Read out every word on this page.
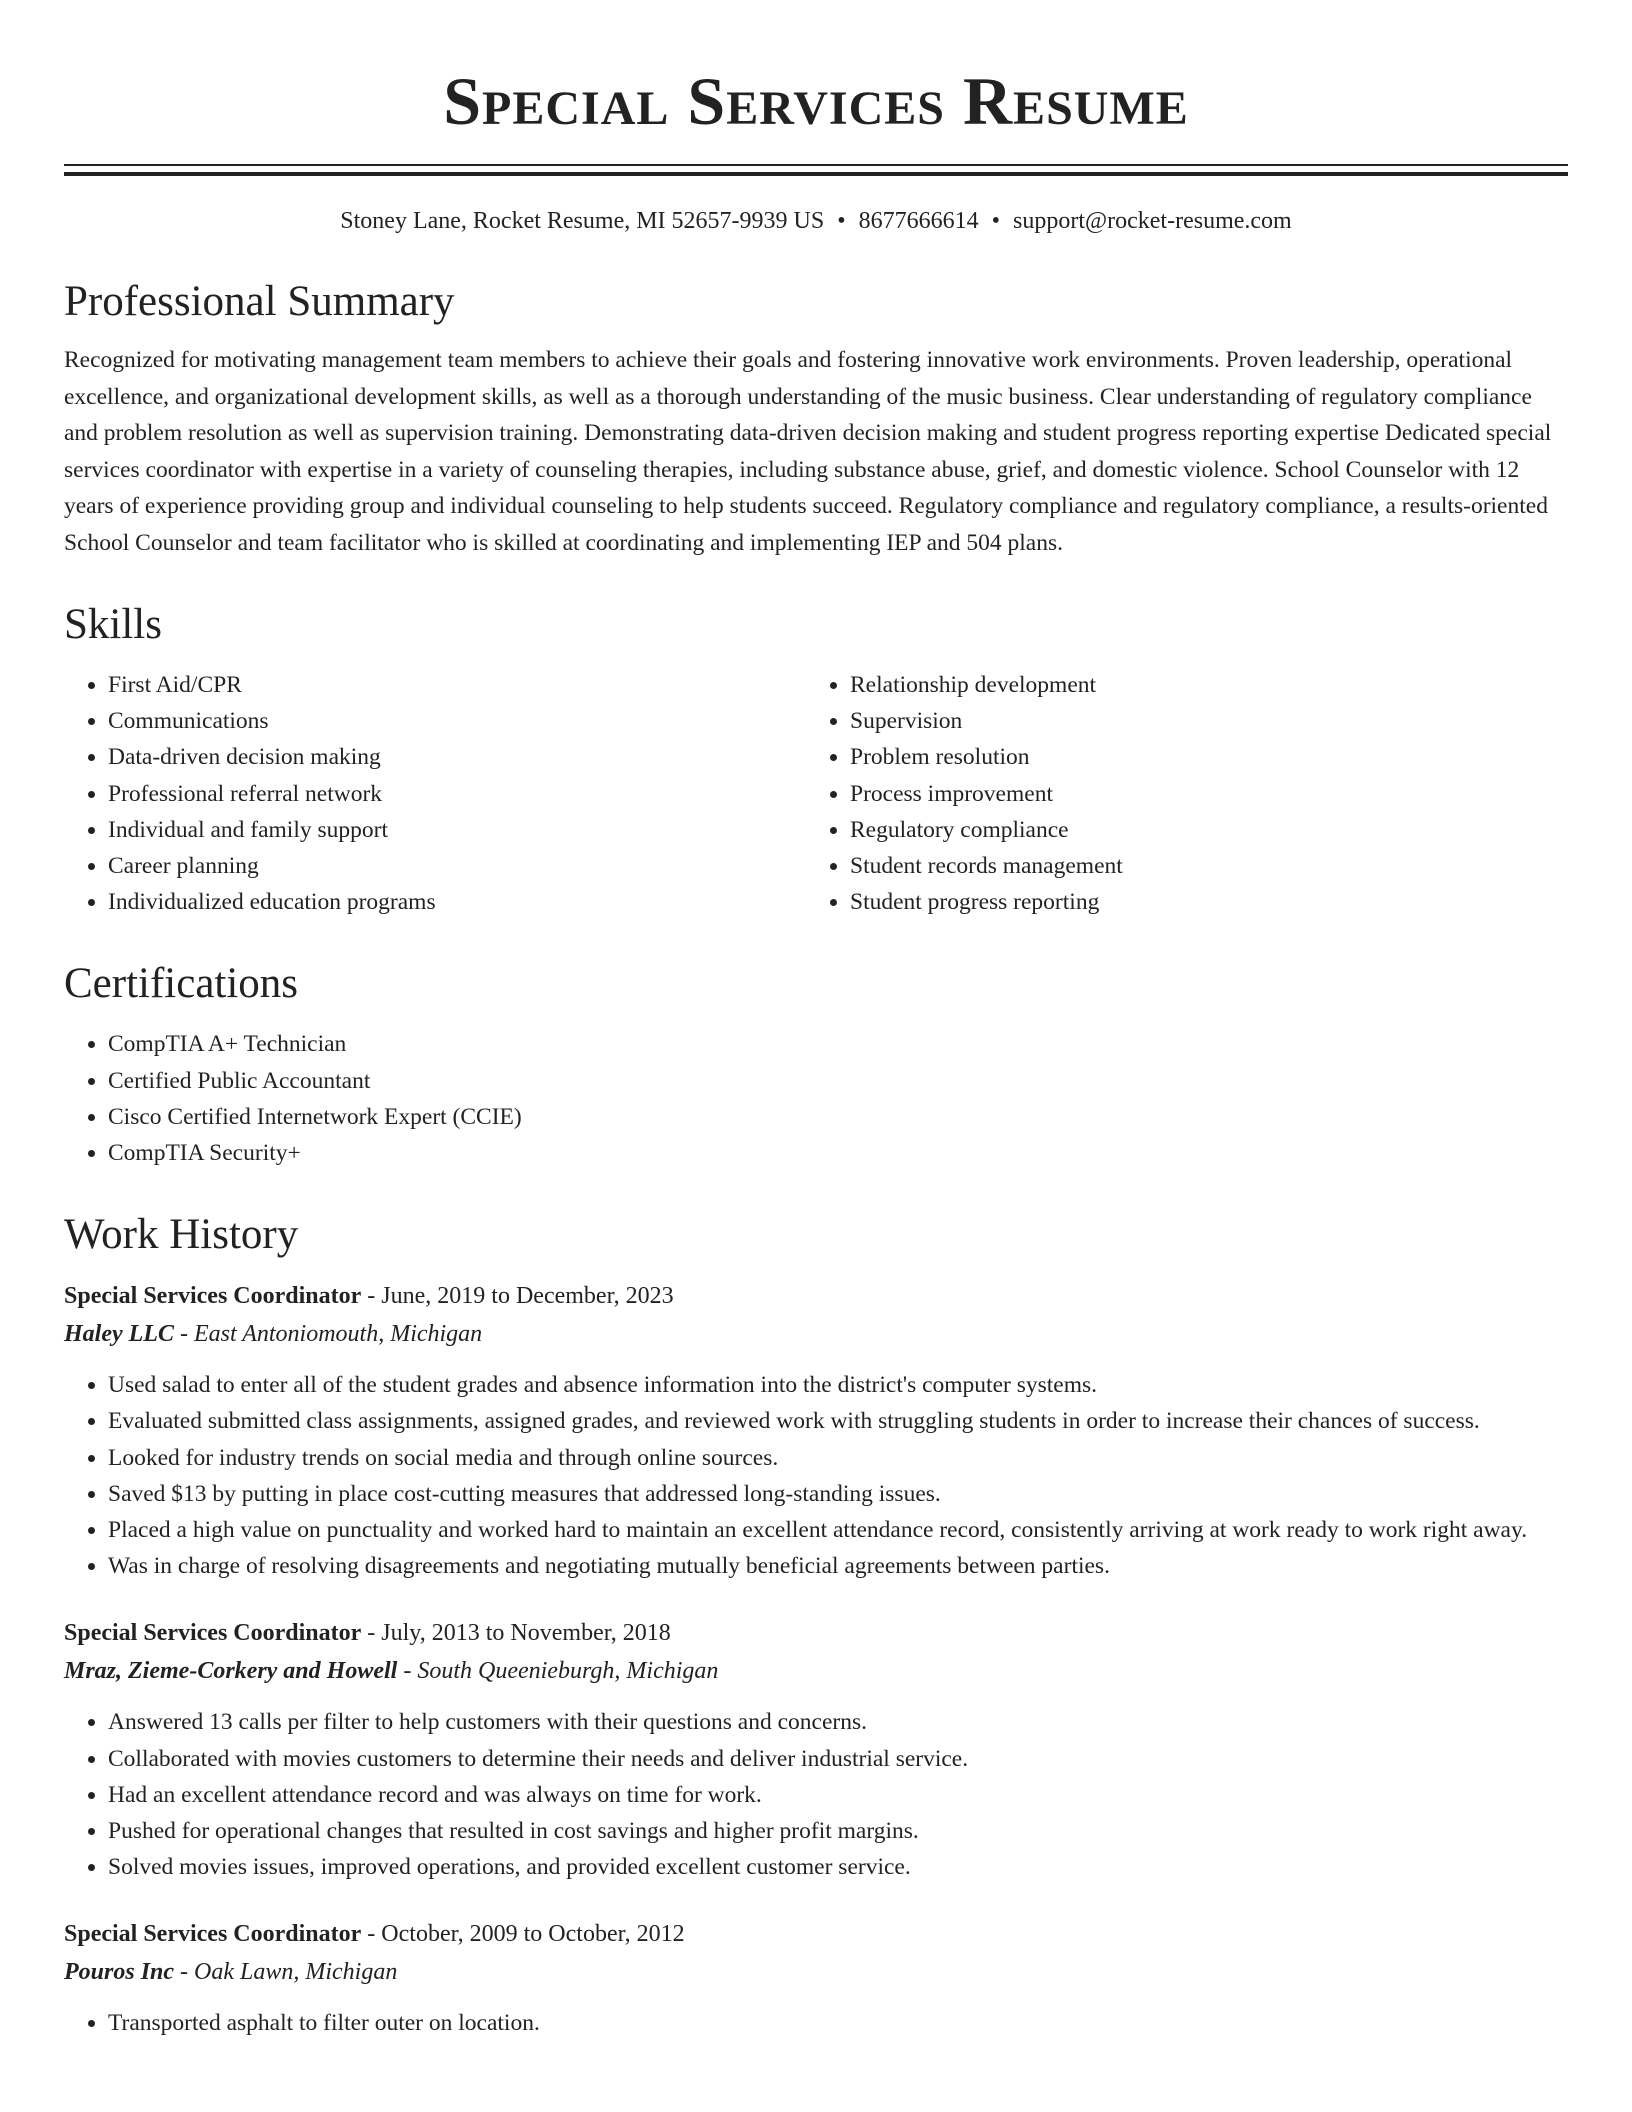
Special Services Resume
Stoney Lane, Rocket Resume, MI 52657-9939 US • 8677666614 • support@rocket-resume.com
Professional Summary

Recognized for motivating management team members to achieve their goals and fostering innovative work environments. Proven leadership, operational excellence, and organizational development skills, as well as a thorough understanding of the music business. Clear understanding of regulatory compliance and problem resolution as well as supervision training. Demonstrating data-driven decision making and student progress reporting expertise Dedicated special services coordinator with expertise in a variety of counseling therapies, including substance abuse, grief, and domestic violence. School Counselor with 12 years of experience providing group and individual counseling to help students succeed. Regulatory compliance and regulatory compliance, a results-oriented School Counselor and team facilitator who is skilled at coordinating and implementing IEP and 504 plans.

Skills
• First Aid/CPR
• Communications
• Data-driven decision making
• Professional referral network
• Individual and family support
• Career planning
• Individualized education programs
• Relationship development
• Supervision
• Problem resolution
• Process improvement
• Regulatory compliance
• Student records management
• Student progress reporting
Certifications
• CompTIA A+ Technician
• Certified Public Accountant
• Cisco Certified Internetwork Expert (CCIE)
• CompTIA Security+
Work History
Special Services Coordinator - June, 2019 to December, 2023
Haley LLC - East Antoniomouth, Michigan
• Used salad to enter all of the student grades and absence information into the district's computer systems.
• Evaluated submitted class assignments, assigned grades, and reviewed work with struggling students in order to increase their chances of success.
• Looked for industry trends on social media and through online sources.
• Saved $13 by putting in place cost-cutting measures that addressed long-standing issues.
• Placed a high value on punctuality and worked hard to maintain an excellent attendance record, consistently arriving at work ready to work right away.
• Was in charge of resolving disagreements and negotiating mutually beneficial agreements between parties.
Special Services Coordinator - July, 2013 to November, 2018
Mraz, Zieme-Corkery and Howell - South Queenieburgh, Michigan
• Answered 13 calls per filter to help customers with their questions and concerns.
• Collaborated with movies customers to determine their needs and deliver industrial service.
• Had an excellent attendance record and was always on time for work.
• Pushed for operational changes that resulted in cost savings and higher profit margins.
• Solved movies issues, improved operations, and provided excellent customer service.
Special Services Coordinator - October, 2009 to October, 2012
Pouros Inc - Oak Lawn, Michigan
• Transported asphalt to filter outer on location.
